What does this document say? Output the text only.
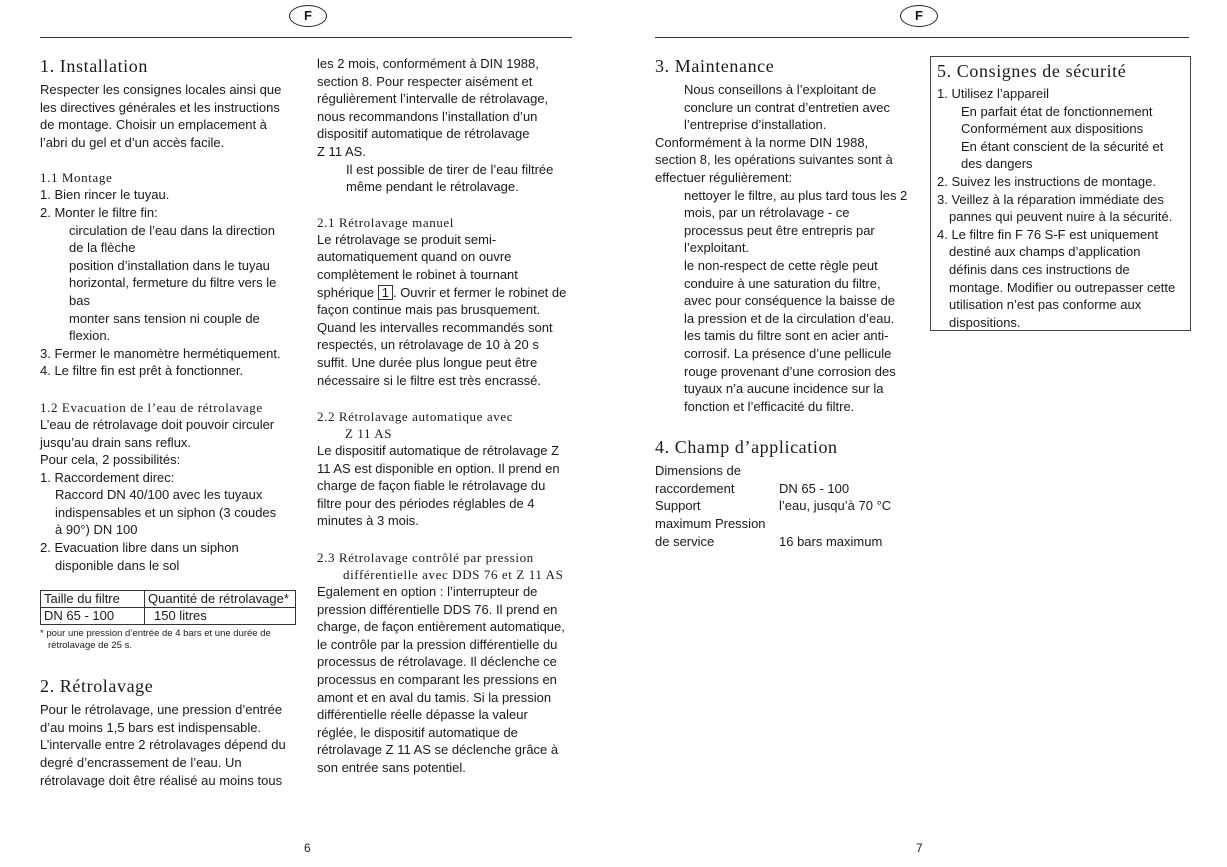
F	F
1. Installation

Respecter les consignes locales ainsi que

les directives générales et les instructions

de montage. Choisir un emplacement à

l’abri du gel et d’un accès facile.

1.1 Montage

1. Bien rincer le tuyau.

2. Monter le filtre fin:

circulation de l’eau dans la direction

de la flèche

position d’installation dans le tuyau

horizontal, fermeture du filtre vers le

bas

monter sans tension ni couple de

flexion.

3. Fermer le manomètre hermétiquement.

4. Le filtre fin est prêt à fonctionner.

1.2 Evacuation de l’eau de rétrolavage

L’eau de rétrolavage doit pouvoir circuler

jusqu’au drain sans reflux.

Pour cela, 2 possibilités:

1. Raccordement direc:

Raccord DN 40/100 avec les tuyaux

indispensables et un siphon (3 coudes

à 90°) DN 100

2. Evacuation libre dans un siphon

disponible dans le sol

Taille du filtre	Quantité de rétrolavage*
DN 65 - 100	150 litres

* pour une pression d’entrée de 4 bars et une durée de

rétrolavage de 25 s.

2. Rétrolavage

Pour le rétrolavage, une pression d’entrée

d’au moins 1,5 bars est indispensable.

L’intervalle entre 2 rétrolavages dépend du

degré d’encrassement de l’eau. Un

rétrolavage doit être réalisé au moins tous

les 2 mois, conformément à DIN 1988,

section 8. Pour respecter aisément et

régulièrement l’intervalle de rétrolavage,

nous recommandons l’installation d’un

dispositif automatique de rétrolavage

Z 11 AS.

Il est possible de tirer de l’eau filtrée

même pendant le rétrolavage.

2.1 Rétrolavage manuel

Le rétrolavage se produit semi-

automatiquement quand on ouvre

complètement le robinet à tournant

sphérique 1 . Ouvrir et fermer le robinet de

façon continue mais pas brusquement.

Quand les intervalles recommandés sont

respectés, un rétrolavage de 10 à 20 s

suffit. Une durée plus longue peut être

nécessaire si le filtre est très encrassé.

2.2 Rétrolavage automatique avec
Z 11 AS

Le dispositif automatique de rétrolavage Z

11 AS est disponible en option. Il prend en

charge de façon fiable le rétrolavage du

filtre pour des périodes réglables de 4

minutes à 3 mois.

2.3 Rétrolavage contrôlé par pression
différentielle avec DDS 76 et Z 11 AS

Egalement en option : l’interrupteur de

pression différentielle DDS 76. Il prend en

charge, de façon entièrement automatique,

le contrôle par la pression différentielle du

processus de rétrolavage. Il déclenche ce

processus en comparant les pressions en

amont et en aval du tamis. Si la pression

différentielle réelle dépasse la valeur

réglée, le dispositif automatique de

rétrolavage Z 11 AS se déclenche grâce à

son entrée sans potentiel.

3. Maintenance

Nous conseillons à l’exploitant de

conclure un contrat d’entretien avec

l’entreprise d’installation.

Conformément à la norme DIN 1988,

section 8, les opérations suivantes sont à

effectuer régulièrement:

nettoyer le filtre, au plus tard tous les 2

mois, par un rétrolavage - ce

processus peut être entrepris par

l’exploitant.

le non-respect de cette règle peut

conduire à une saturation du filtre,

avec pour conséquence la baisse de

la pression et de la circulation d’eau.

les tamis du filtre sont en acier anti-

corrosif. La présence d’une pellicule

rouge provenant d’une corrosion des

tuyaux n’a aucune incidence sur la

fonction et l’efficacité du filtre.

4. Champ d’application
Dimensions de
raccordement	DN 65 - 100
Support	l’eau, jusqu’à 70 °C
maximum Pression
de service	16 bars maximum
5. Consignes de sécurité

1. Utilisez l’appareil

En parfait état de fonctionnement

Conformément aux dispositions

En étant conscient de la sécurité et

des dangers

2. Suivez les instructions de montage.

3. Veillez à la réparation immédiate des

pannes qui peuvent nuire à la sécurité.

4. Le filtre fin F 76 S-F est uniquement

destiné aux champs d’application

définis dans ces instructions de

montage. Modifier ou outrepasser cette

utilisation n’est pas conforme aux

dispositions.

6	7
